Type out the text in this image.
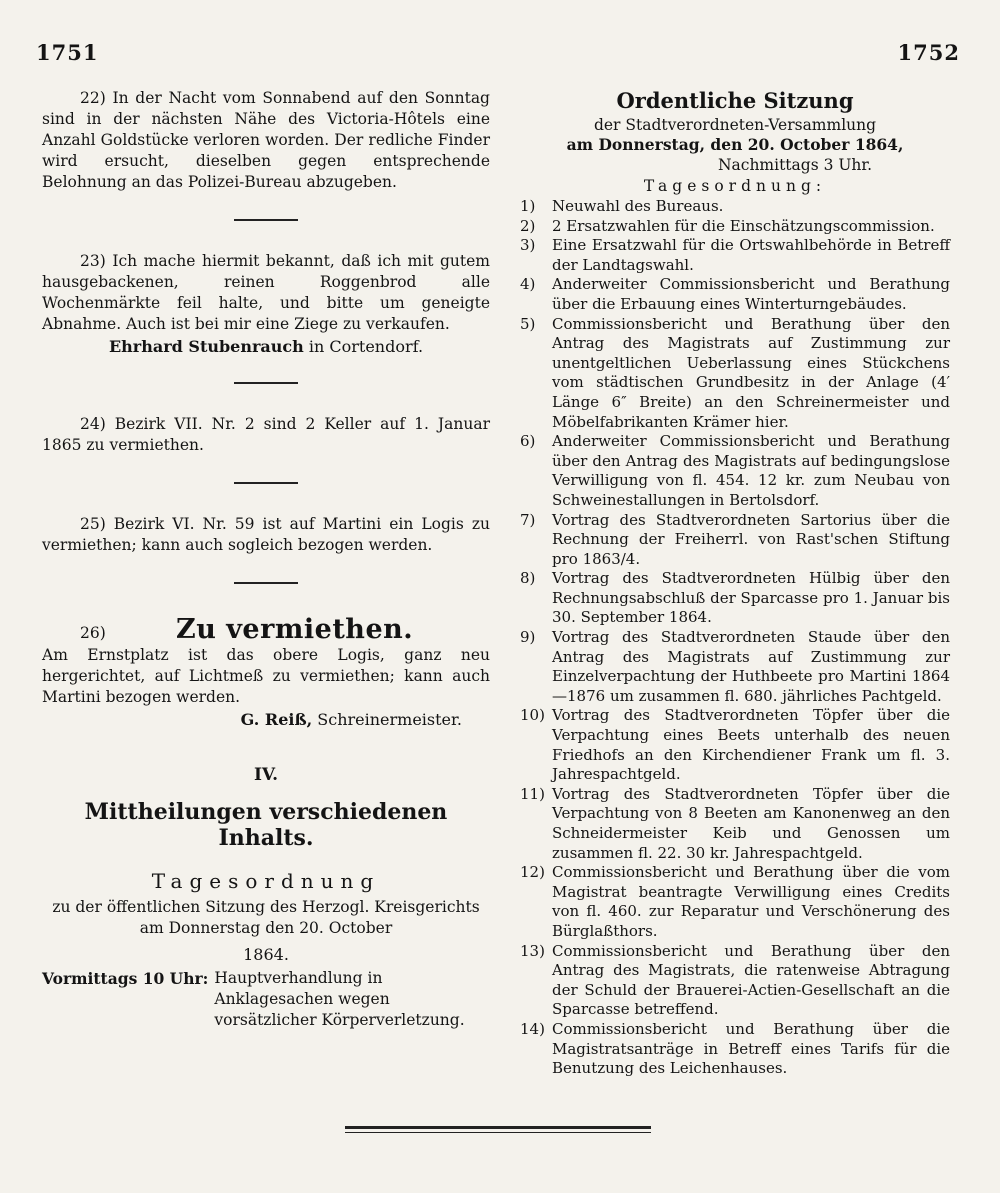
1751	1752

22) In der Nacht vom Sonnabend auf den Sonntag sind in der nächsten Nähe des Victoria-Hôtels eine Anzahl Goldstücke verloren worden. Der redliche Finder wird ersucht, dieselben gegen entsprechende Belohnung an das Polizei-Bureau abzugeben.

23) Ich mache hiermit bekannt, daß ich mit gutem hausgebackenen, reinen Roggenbrod alle Wochenmärkte feil halte, und bitte um geneigte Abnahme. Auch ist bei mir eine Ziege zu verkaufen.

Ehrhard Stubenrauch in Cortendorf.

24) Bezirk VII. Nr. 2 sind 2 Keller auf 1. Januar 1865 zu vermiethen.

25) Bezirk VI. Nr. 59 ist auf Martini ein Logis zu vermiethen; kann auch sogleich bezogen werden.

26)	Zu vermiethen.

Am Ernstplatz ist das obere Logis, ganz neu hergerichtet, auf Lichtmeß zu vermiethen; kann auch Martini bezogen werden.

G. Reiß, Schreinermeister.
IV.
Mittheilungen verschiedenen Inhalts.
Tagesordnung

zu der öffentlichen Sitzung des Herzogl. Kreisgerichts am Donnerstag den 20. October

1864.

Vormittags 10 Uhr: Hauptverhandlung in Anklagesachen wegen vorsätzlicher Körperverletzung.

Ordentliche Sitzung
der Stadtverordneten-Versammlung
am Donnerstag, den 20. October 1864,
Nachmittags 3 Uhr.
Tagesordnung:
1)	Neuwahl des Bureaus.
2)	2 Ersatzwahlen für die Einschätzungscommission.
3)	Eine Ersatzwahl für die Ortswahlbehörde in Betreff der Landtagswahl.
4)	Anderweiter Commissionsbericht und Berathung über die Erbauung eines Winterturngebäudes.
5)	Commissionsbericht und Berathung über den Antrag des Magistrats auf Zustimmung zur unentgeltlichen Ueberlassung eines Stückchens vom städtischen Grundbesitz in der Anlage (4′ Länge 6″ Breite) an den Schreinermeister und Möbelfabrikanten Krämer hier.
6)	Anderweiter Commissionsbericht und Berathung über den Antrag des Magistrats auf bedingungslose Verwilligung von fl. 454. 12 kr. zum Neubau von Schweinestallungen in Bertolsdorf.
7)	Vortrag des Stadtverordneten Sartorius über die Rechnung der Freiherrl. von Rast'schen Stiftung pro 1863/4.
8)	Vortrag des Stadtverordneten Hülbig über den Rechnungsabschluß der Sparcasse pro 1. Januar bis 30. September 1864.
9)	Vortrag des Stadtverordneten Staude über den Antrag des Magistrats auf Zustimmung zur Einzelverpachtung der Huthbeete pro Martini 1864—1876 um zusammen fl. 680. jährliches Pachtgeld.
10) Vortrag des Stadtverordneten Töpfer über die Verpachtung eines Beets unterhalb des neuen Friedhofs an den Kirchendiener Frank um fl. 3. Jahrespachtgeld.
11) Vortrag des Stadtverordneten Töpfer über die Verpachtung von 8 Beeten am Kanonenweg an den Schneidermeister Keib und Genossen um zusammen fl. 22. 30 kr. Jahrespachtgeld.
12) Commissionsbericht und Berathung über die vom Magistrat beantragte Verwilligung eines Credits von fl. 460. zur Reparatur und Verschönerung des Bürglaßthors.
13) Commissionsbericht und Berathung über den Antrag des Magistrats, die ratenweise Abtragung der Schuld der Brauerei-Actien-Gesellschaft an die Sparcasse betreffend.
14) Commissionsbericht und Berathung über die Magistratsanträge in Betreff eines Tarifs für die Benutzung des Leichenhauses.
